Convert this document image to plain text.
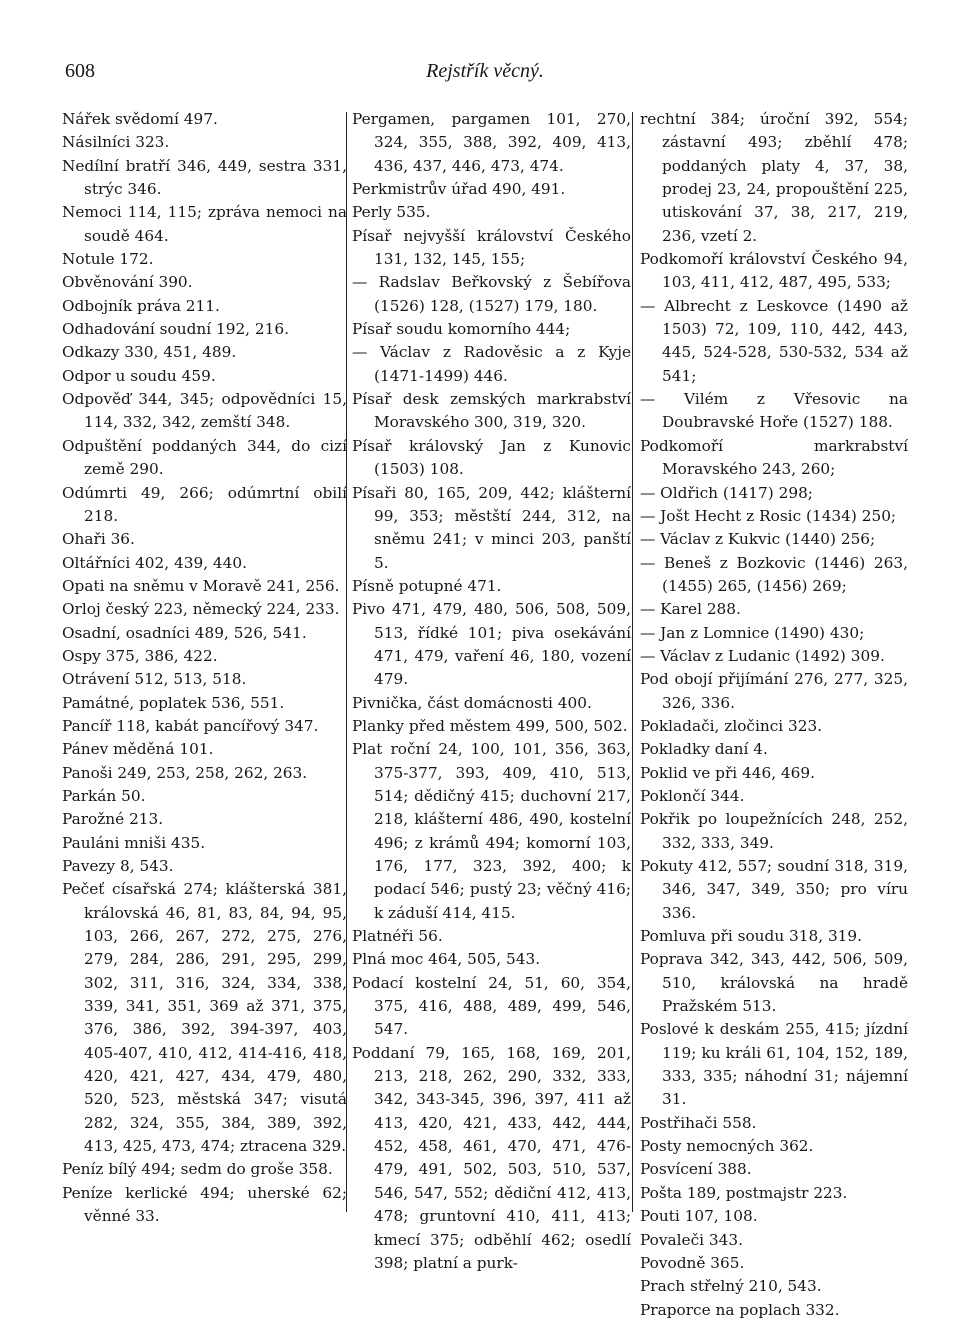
608	Rejstřík věcný.

Nářek svědomí 497.

Násilníci 323.

Nedílní bratří 346, 449, sestra 331, strýc 346.

Nemoci 114, 115; zpráva nemoci na soudě 464.

Notule 172.

Obvěnování 390.

Odbojník práva 211.

Odhadování soudní 192, 216.

Odkazy 330, 451, 489.

Odpor u soudu 459.

Odpověď 344, 345; odpovědníci 15, 114, 332, 342, zemští 348.

Odpuštění poddaných 344, do cizí země 290.

Odúmrti 49, 266; odúmrtní obilí 218.

Ohaři 36.

Oltářníci 402, 439, 440.

Opati na sněmu v Moravě 241, 256.

Orloj český 223, německý 224, 233.

Osadní, osadníci 489, 526, 541.

Ospy 375, 386, 422.

Otrávení 512, 513, 518.

Památné, poplatek 536, 551.

Pancíř 118, kabát pancířový 347.

Pánev měděná 101.

Panoši 249, 253, 258, 262, 263.

Parkán 50.

Parožné 213.

Pauláni mniši 435.

Pavezy 8, 543.

Pečeť císařská 274; klášterská 381, královská 46, 81, 83, 84, 94, 95, 103, 266, 267, 272, 275, 276, 279, 284, 286, 291, 295, 299, 302, 311, 316, 324, 334, 338, 339, 341, 351, 369 až 371, 375, 376, 386, 392, 394-397, 403, 405-407, 410, 412, 414-416, 418, 420, 421, 427, 434, 479, 480, 520, 523, městská 347; visutá 282, 324, 355, 384, 389, 392, 413, 425, 473, 474; ztracena 329.

Peníz bílý 494; sedm do groše 358.

Peníze kerlické 494; uherské 62; věnné 33.

Pergamen, pargamen 101, 270, 324, 355, 388, 392, 409, 413, 436, 437, 446, 473, 474.

Perkmistrův úřad 490, 491.

Perly 535.

Písař nejvyšší království Českého 131, 132, 145, 155;

— Radslav Beřkovský z Šebířova (1526) 128, (1527) 179, 180.

Písař soudu komorního 444;

— Václav z Radověsic a z Kyje (1471-1499) 446.

Písař desk zemských markrabství Moravského 300, 319, 320.

Písař královský Jan z Kunovic (1503) 108.

Písaři 80, 165, 209, 442; klášterní 99, 353; městští 244, 312, na sněmu 241; v minci 203, panští 5.

Písně potupné 471.

Pivo 471, 479, 480, 506, 508, 509, 513, řídké 101; piva osekávání 471, 479, vaření 46, 180, vození 479.

Pivnička, část domácnosti 400.

Planky před městem 499, 500, 502.

Plat roční 24, 100, 101, 356, 363, 375-377, 393, 409, 410, 513, 514; dědičný 415; duchovní 217, 218, klášterní 486, 490, kostelní 496; z krámů 494; komorní 103, 176, 177, 323, 392, 400; k podací 546; pustý 23; věčný 416; k záduší 414, 415.

Platnéři 56.

Plná moc 464, 505, 543.

Podací kostelní 24, 51, 60, 354, 375, 416, 488, 489, 499, 546, 547.

Poddaní 79, 165, 168, 169, 201, 213, 218, 262, 290, 332, 333, 342, 343-345, 396, 397, 411 až 413, 420, 421, 433, 442, 444, 452, 458, 461, 470, 471, 476-479, 491, 502, 503, 510, 537, 546, 547, 552; dědiční 412, 413, 478; gruntovní 410, 411, 413; kmecí 375; odběhlí 462; osedlí 398; platní a purk-

rechtní 384; úroční 392, 554; zástavní 493; zběhlí 478; poddaných platy 4, 37, 38, prodej 23, 24, propouštění 225, utiskování 37, 38, 217, 219, 236, vzetí 2.

Podkomoří království Českého 94, 103, 411, 412, 487, 495, 533;

— Albrecht z Leskovce (1490 až 1503) 72, 109, 110, 442, 443, 445, 524-528, 530-532, 534 až 541;

— Vilém z Vřesovic na Doubravské Hoře (1527) 188.

Podkomoří markrabství Moravského 243, 260;

— Oldřich (1417) 298;

— Jošt Hecht z Rosic (1434) 250;

— Václav z Kukvic (1440) 256;

— Beneš z Bozkovic (1446) 263, (1455) 265, (1456) 269;

— Karel 288.

— Jan z Lomnice (1490) 430;

— Václav z Ludanic (1492) 309.

Pod obojí přijímání 276, 277, 325, 326, 336.

Pokladači, zločinci 323.

Pokladky daní 4.

Poklid ve při 446, 469.

Poklončí 344.

Pokřik po loupežnících 248, 252, 332, 333, 349.

Pokuty 412, 557; soudní 318, 319, 346, 347, 349, 350; pro víru 336.

Pomluva při soudu 318, 319.

Poprava 342, 343, 442, 506, 509, 510, královská na hradě Pražském 513.

Poslové k deskám 255, 415; jízdní 119; ku králi 61, 104, 152, 189, 333, 335; náhodní 31; nájemní 31.

Postřihači 558.

Posty nemocných 362.

Posvícení 388.

Pošta 189, postmajstr 223.

Pouti 107, 108.

Povaleči 343.

Povodně 365.

Prach střelný 210, 543.

Praporce na poplach 332.
